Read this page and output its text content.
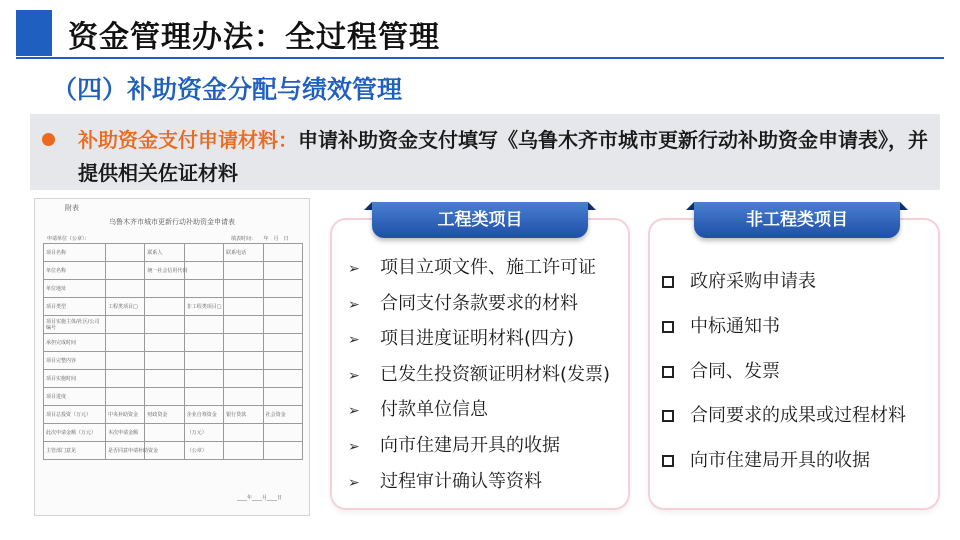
资金管理办法：全过程管理
（四）补助资金分配与绩效管理
补助资金支付申请材料：申请补助资金支付填写《乌鲁木齐市城市更新行动补助资金申请表》，并提供相关佐证材料
附表
乌鲁木齐市城市更新行动补助资金申请表
申请单位（公章）：	填表时间：　　年　月　日
项目名称		联系人		联系电话	
单位名称		统一社会信用代码			
单位地址					
项目类型	工程类项目□		非工程类项目□		
项目实施主体/社区/公司编号					
承担完成时间					
项目完整内容					
项目实施时间					
项目进度					
项目总投资（万元）	中央补助资金	财政资金	企业自筹资金	银行贷款	社会资金
此次申请金额（万元）	本次申请金额		（万元）		
主管部门意见	是否同意申请补助资金		（公章）		
____年____月____日
工程类项目
➢ 项目立项文件、施工许可证
➢ 合同支付条款要求的材料
➢ 项目进度证明材料(四方)
➢ 已发生投资额证明材料(发票)
➢ 付款单位信息
➢ 向市住建局开具的收据
➢ 过程审计确认等资料
非工程类项目
政府采购申请表
中标通知书
合同、发票
合同要求的成果或过程材料
向市住建局开具的收据
